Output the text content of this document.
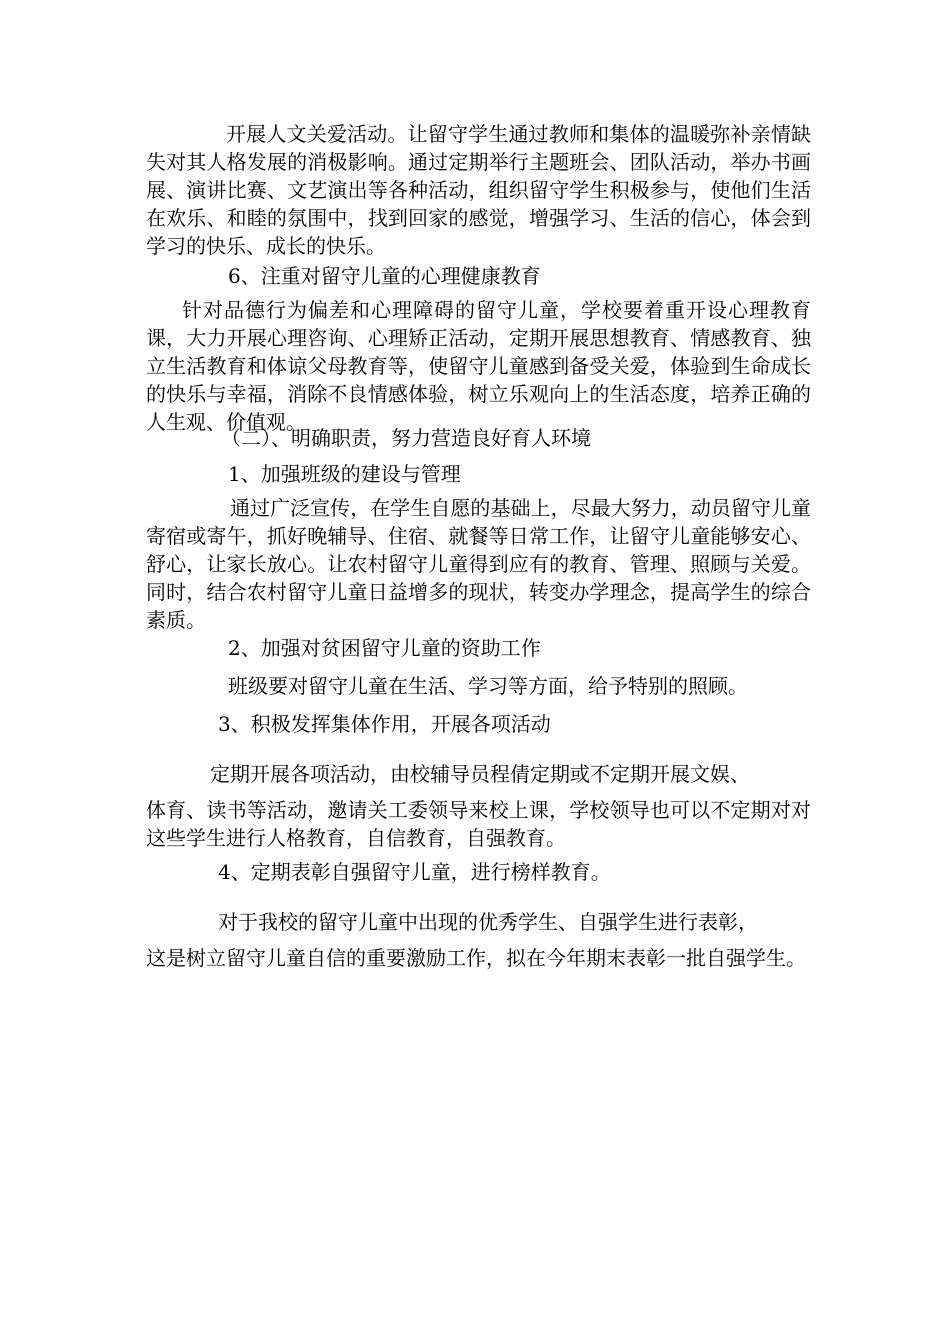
开展人文关爱活动。让留守学生通过教师和集体的温暖弥补亲情缺失对其人格发展的消极影响。通过定期举行主题班会、团队活动，举办书画展、演讲比赛、文艺演出等各种活动，组织留守学生积极参与，使他们生活在欢乐、和睦的氛围中，找到回家的感觉，增强学习、生活的信心，体会到学习的快乐、成长的快乐。

6、注重对留守儿童的心理健康教育

针对品德行为偏差和心理障碍的留守儿童，学校要着重开设心理教育课，大力开展心理咨询、心理矫正活动，定期开展思想教育、情感教育、独立生活教育和体谅父母教育等，使留守儿童感到备受关爱，体验到生命成长的快乐与幸福，消除不良情感体验，树立乐观向上的生活态度，培养正确的人生观、价值观。

（二）、明确职责，努力营造良好育人环境

1、加强班级的建设与管理

通过广泛宣传，在学生自愿的基础上，尽最大努力，动员留守儿童寄宿或寄午，抓好晚辅导、住宿、就餐等日常工作，让留守儿童能够安心、舒心，让家长放心。让农村留守儿童得到应有的教育、管理、照顾与关爱。同时，结合农村留守儿童日益增多的现状，转变办学理念，提高学生的综合素质。

2、加强对贫困留守儿童的资助工作

班级要对留守儿童在生活、学习等方面，给予特别的照顾。

3、积极发挥集体作用，开展各项活动

定期开展各项活动，由校辅导员程倩定期或不定期开展文娱、

体育、读书等活动，邀请关工委领导来校上课，学校领导也可以不定期对对这些学生进行人格教育，自信教育，自强教育。

4、定期表彰自强留守儿童，进行榜样教育。

对于我校的留守儿童中出现的优秀学生、自强学生进行表彰，

这是树立留守儿童自信的重要激励工作，拟在今年期末表彰一批自强学生。
